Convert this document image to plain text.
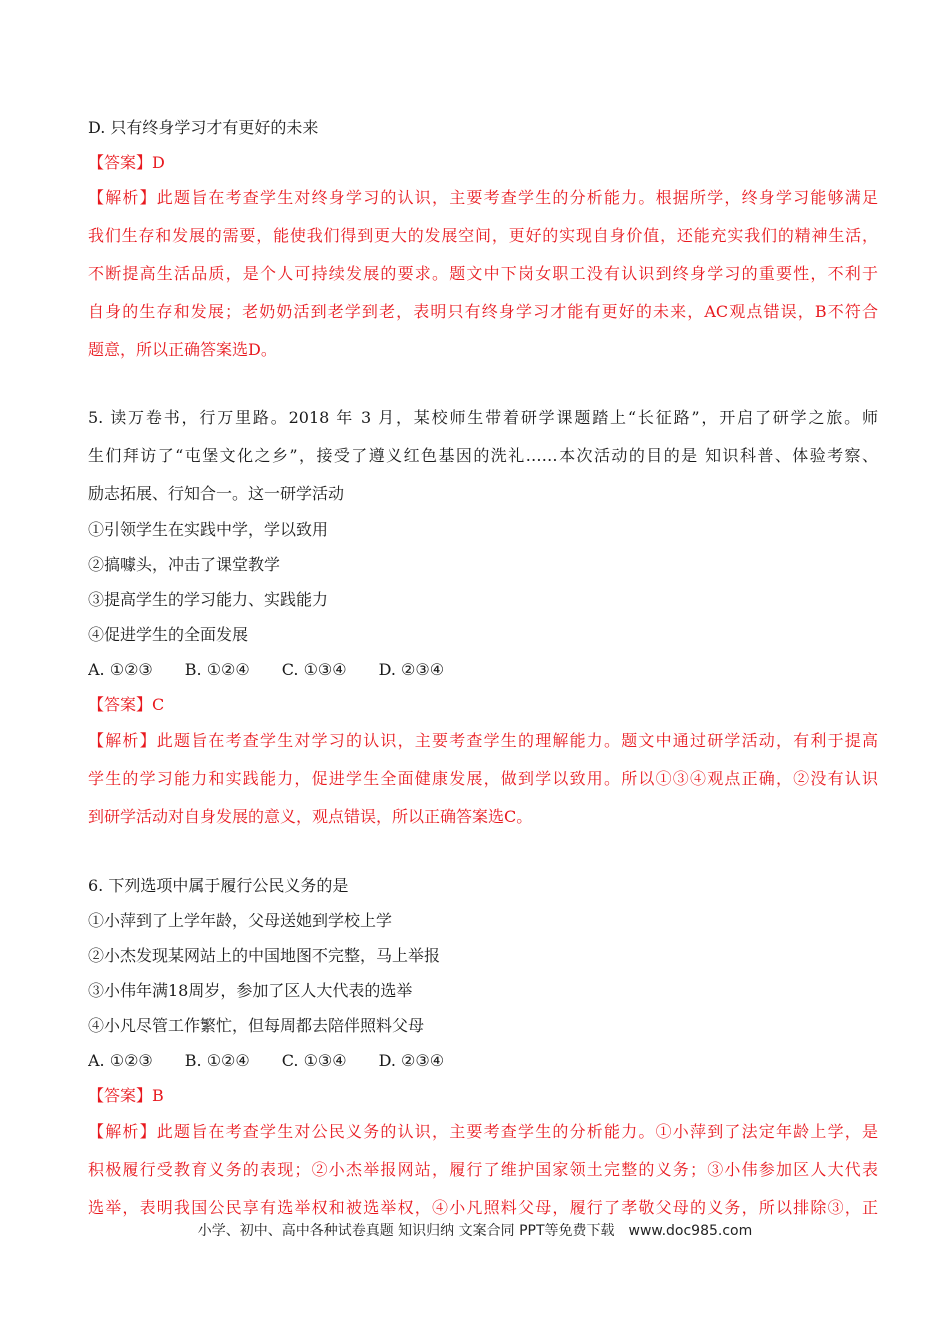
D. 只有终身学习才有更好的未来
【答案】D
【解析】此题旨在考查学生对终身学习的认识，主要考查学生的分析能力。根据所学，终身学习能够满足
我们生存和发展的需要，能使我们得到更大的发展空间，更好的实现自身价值，还能充实我们的精神生活，
不断提高生活品质，是个人可持续发展的要求。题文中下岗女职工没有认识到终身学习的重要性，不利于
自身的生存和发展；老奶奶活到老学到老，表明只有终身学习才能有更好的未来，AC观点错误，B不符合
题意，所以正确答案选D。
5. 读万卷书，行万里路。2018 年 3 月，某校师生带着研学课题踏上“长征路”，开启了研学之旅。师
生们拜访了“屯堡文化之乡”，接受了遵义红色基因的洗礼……本次活动的目的是 知识科普、体验考察、
励志拓展、行知合一。这一研学活动
①引领学生在实践中学，学以致用
②搞噱头，冲击了课堂教学
③提高学生的学习能力、实践能力
④促进学生的全面发展
A. ①②③　　B. ①②④　　C. ①③④　　D. ②③④
【答案】C
【解析】此题旨在考查学生对学习的认识，主要考查学生的理解能力。题文中通过研学活动，有利于提高
学生的学习能力和实践能力，促进学生全面健康发展，做到学以致用。所以①③④观点正确，②没有认识
到研学活动对自身发展的意义，观点错误，所以正确答案选C。
6. 下列选项中属于履行公民义务的是
①小萍到了上学年龄，父母送她到学校上学
②小杰发现某网站上的中国地图不完整，马上举报
③小伟年满18周岁，参加了区人大代表的选举
④小凡尽管工作繁忙，但每周都去陪伴照料父母
A. ①②③　　B. ①②④　　C. ①③④　　D. ②③④
【答案】B
【解析】此题旨在考查学生对公民义务的认识，主要考查学生的分析能力。①小萍到了法定年龄上学，是
积极履行受教育义务的表现；②小杰举报网站，履行了维护国家领土完整的义务；③小伟参加区人大代表
选举，表明我国公民享有选举权和被选举权，④小凡照料父母，履行了孝敬父母的义务，所以排除③，正
小学、初中、高中各种试卷真题 知识归纳 文案合同 PPT等免费下载　www.doc985.com
